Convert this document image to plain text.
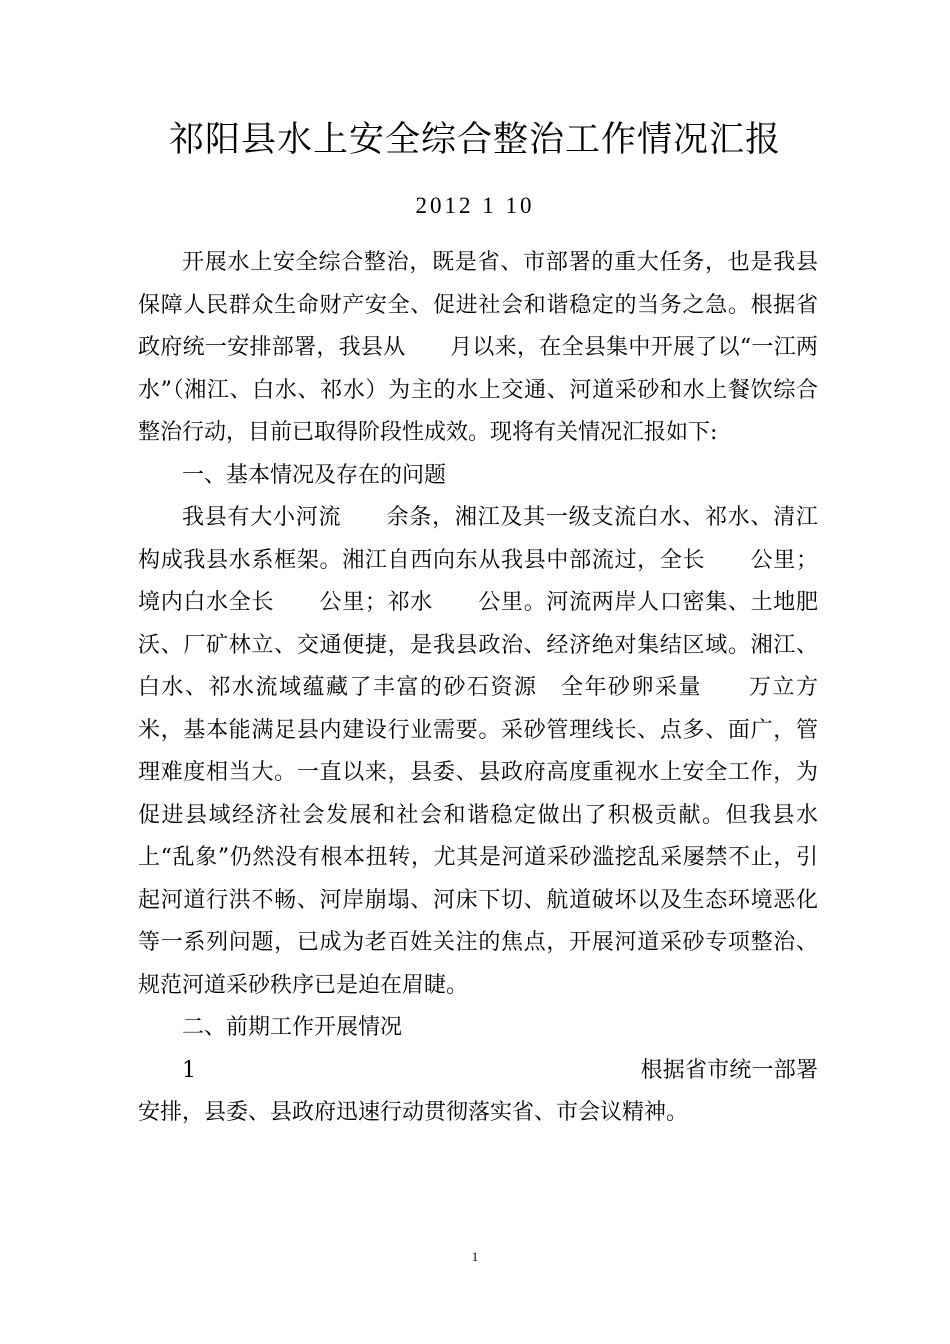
祁阳县水上安全综合整治工作情况汇报
2012 1 10

开展水上安全综合整治，既是省、市部署的重大任务，也是我县保障人民群众生命财产安全、促进社会和谐稳定的当务之急。根据省政府统一安排部署，我县从　　月以来，在全县集中开展了以“一江两水”（湘江、白水、祁水）为主的水上交通、河道采砂和水上餐饮综合整治行动，目前已取得阶段性成效。现将有关情况汇报如下:

一、基本情况及存在的问题

我县有大小河流　　余条，湘江及其一级支流白水、祁水、清江构成我县水系框架。湘江自西向东从我县中部流过，全长　　公里；境内白水全长　　公里；祁水　　公里。河流两岸人口密集、土地肥沃、厂矿林立、交通便捷，是我县政治、经济绝对集结区域。湘江、白水、祁水流域蕴藏了丰富的砂石资源　全年砂卵采量　　万立方米，基本能满足县内建设行业需要。采砂管理线长、点多、面广，管理难度相当大。一直以来，县委、县政府高度重视水上安全工作，为促进县域经济社会发展和社会和谐稳定做出了积极贡献。但我县水上“乱象”仍然没有根本扭转，尤其是河道采砂滥挖乱采屡禁不止，引起河道行洪不畅、河岸崩塌、河床下切、航道破坏以及生态环境恶化等一系列问题，已成为老百姓关注的焦点，开展河道采砂专项整治、规范河道采砂秩序已是迫在眉睫。

二、前期工作开展情况

1　　　　　　　　　　　　　　　　　　　　根据省市统一部署安排，县委、县政府迅速行动贯彻落实省、市会议精神。

1
